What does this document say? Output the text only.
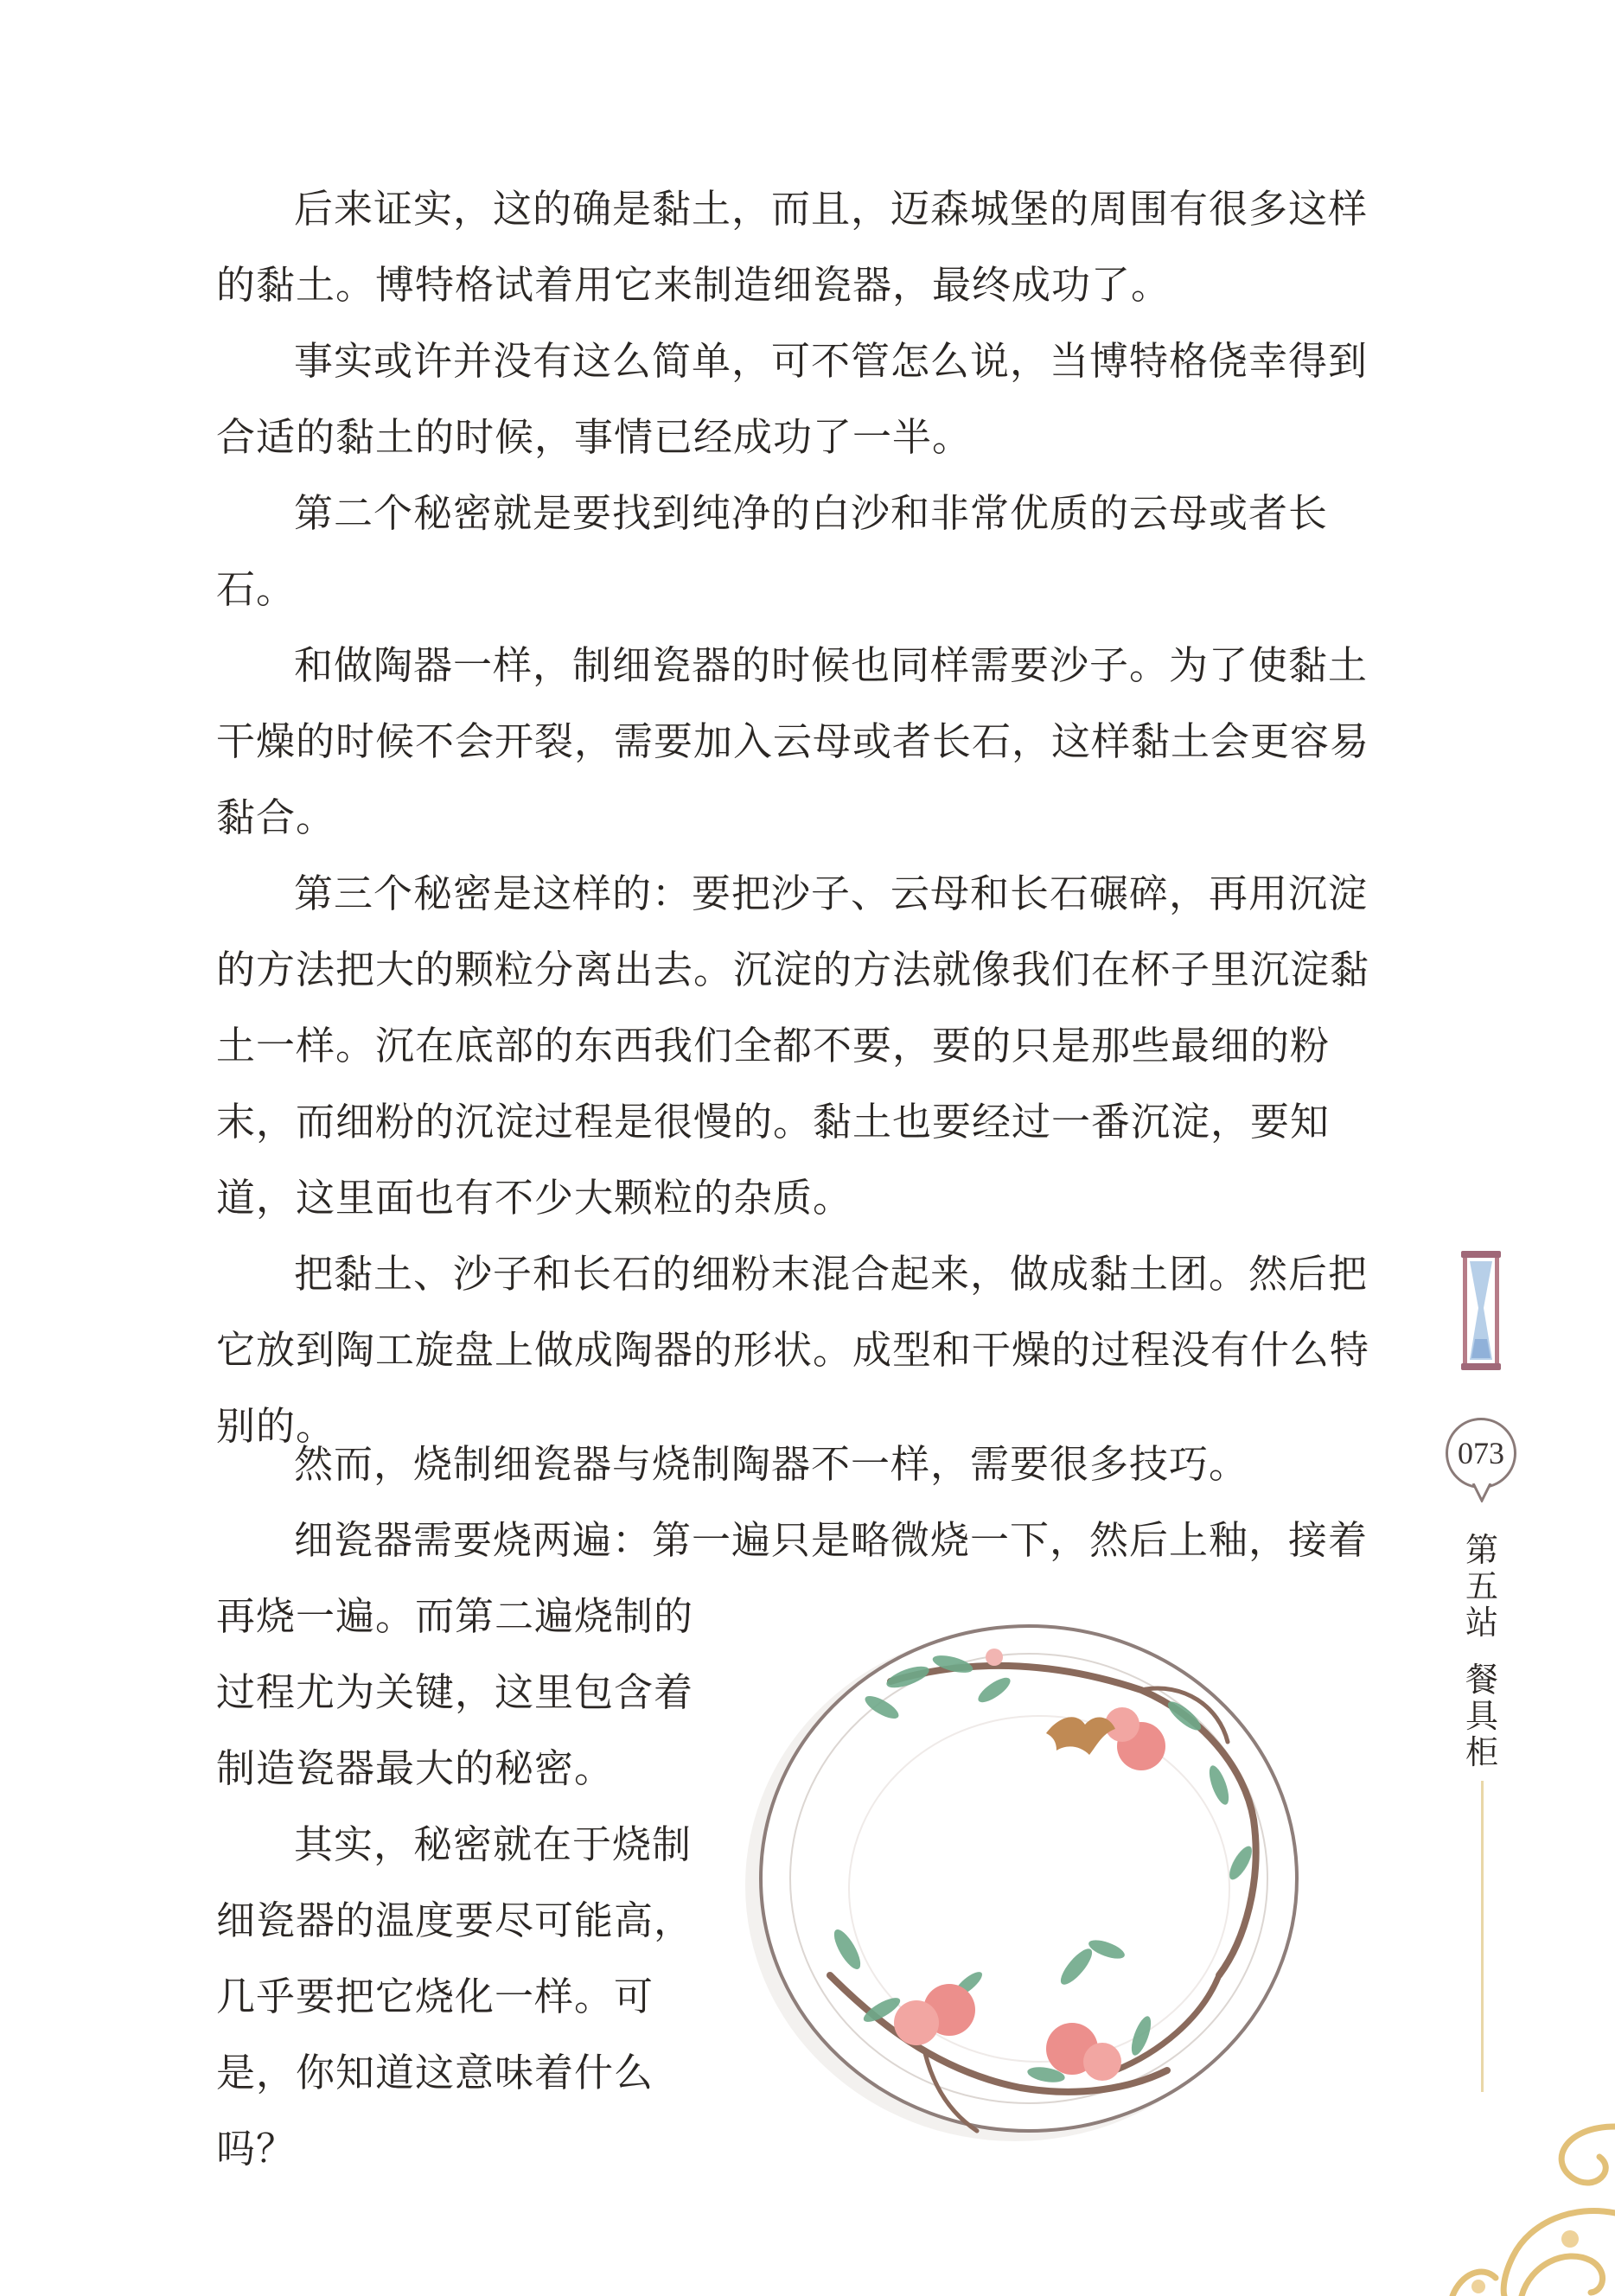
后来证实，这的确是黏土，而且，迈森城堡的周围有很多这样的黏土。博特格试着用它来制造细瓷器，最终成功了。

事实或许并没有这么简单，可不管怎么说，当博特格侥幸得到合适的黏土的时候，事情已经成功了一半。

第二个秘密就是要找到纯净的白沙和非常优质的云母或者长石。

和做陶器一样，制细瓷器的时候也同样需要沙子。为了使黏土干燥的时候不会开裂，需要加入云母或者长石，这样黏土会更容易黏合。

第三个秘密是这样的：要把沙子、云母和长石碾碎，再用沉淀的方法把大的颗粒分离出去。沉淀的方法就像我们在杯子里沉淀黏土一样。沉在底部的东西我们全都不要，要的只是那些最细的粉末，而细粉的沉淀过程是很慢的。黏土也要经过一番沉淀，要知道，这里面也有不少大颗粒的杂质。

把黏土、沙子和长石的细粉末混合起来，做成黏土团。然后把它放到陶工旋盘上做成陶器的形状。成型和干燥的过程没有什么特别的。

然而，烧制细瓷器与烧制陶器不一样，需要很多技巧。

细瓷器需要烧两遍：第一遍只是略微烧一下，然后上釉，接着

再烧一遍。而第二遍烧制的过程尤为关键，这里包含着制造瓷器最大的秘密。

其实，秘密就在于烧制细瓷器的温度要尽可能高，几乎要把它烧化一样。可是，你知道这意味着什么吗？

073
第五站
餐具柜
